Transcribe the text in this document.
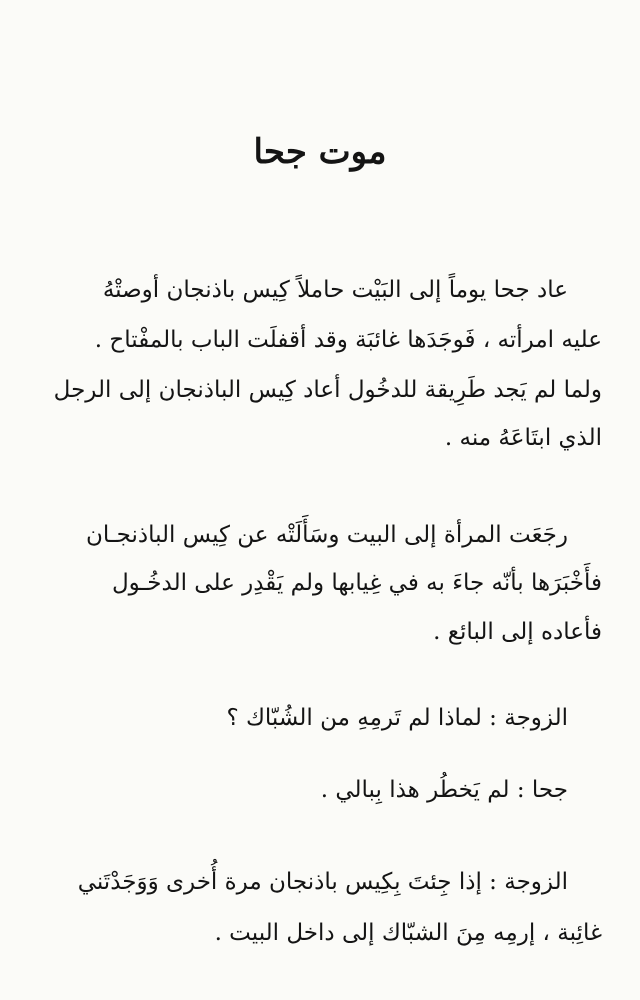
موت جحا

عاد جحا يوماً إلى البَيْت حاملاً كِيس باذنجان أوصتْهُ

عليه امرأته ، فَوجَدَها غائبَة وقد أقفلَت الباب بالمفْتاح .

ولما لم يَجد طَرِيقة للدخُول أعاد كِيس الباذنجان إلى الرجل

الذي ابتَاعَهُ منه .

رجَعَت المرأة إلى البيت وسَأَلَتْه عن كِيس الباذنجـان

فأَخْبَرَها بأنّه جاءَ به في غِيابها ولم يَقْدِر على الدخُـول

فأعاده إلى البائع .

الزوجة : لماذا لم تَرمِهِ من الشُبّاك ؟

جحا : لم يَخطُر هذا بِبالي .

الزوجة : إذا جِئتَ بِكِيس باذنجان مرة أُخرى وَوَجَدْتَني

غائِبة ، إرمِه مِنَ الشبّاك إلى داخل البيت .
